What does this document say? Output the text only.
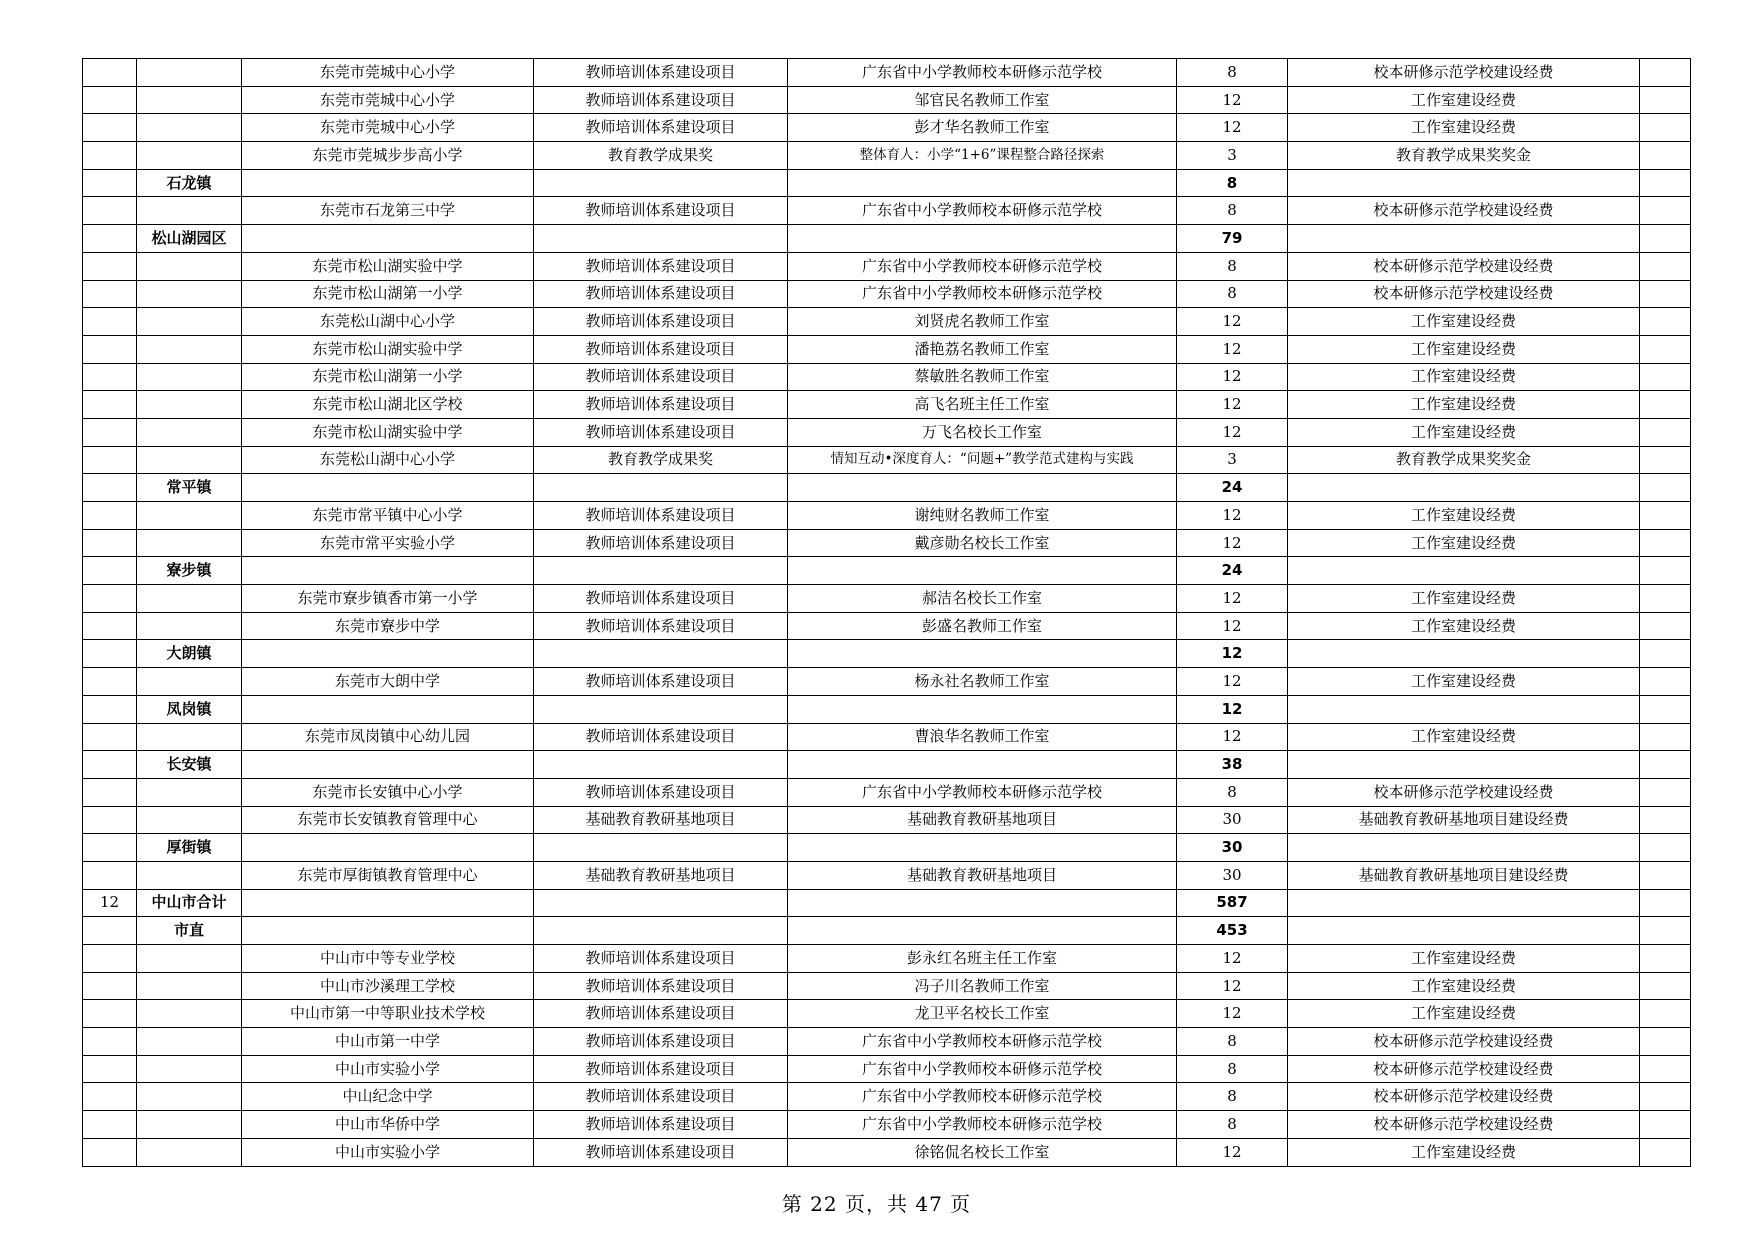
		东莞市莞城中心小学	教师培训体系建设项目	广东省中小学教师校本研修示范学校	8	校本研修示范学校建设经费	
		东莞市莞城中心小学	教师培训体系建设项目	邹官民名教师工作室	12	工作室建设经费	
		东莞市莞城中心小学	教师培训体系建设项目	彭才华名教师工作室	12	工作室建设经费	
		东莞市莞城步步高小学	教育教学成果奖	整体育人：小学“1+6”课程整合路径探索	3	教育教学成果奖奖金	
	石龙镇				8		
		东莞市石龙第三中学	教师培训体系建设项目	广东省中小学教师校本研修示范学校	8	校本研修示范学校建设经费	
	松山湖园区				79		
		东莞市松山湖实验中学	教师培训体系建设项目	广东省中小学教师校本研修示范学校	8	校本研修示范学校建设经费	
		东莞市松山湖第一小学	教师培训体系建设项目	广东省中小学教师校本研修示范学校	8	校本研修示范学校建设经费	
		东莞松山湖中心小学	教师培训体系建设项目	刘贤虎名教师工作室	12	工作室建设经费	
		东莞市松山湖实验中学	教师培训体系建设项目	潘艳荔名教师工作室	12	工作室建设经费	
		东莞市松山湖第一小学	教师培训体系建设项目	蔡敏胜名教师工作室	12	工作室建设经费	
		东莞市松山湖北区学校	教师培训体系建设项目	高飞名班主任工作室	12	工作室建设经费	
		东莞市松山湖实验中学	教师培训体系建设项目	万飞名校长工作室	12	工作室建设经费	
		东莞松山湖中心小学	教育教学成果奖	情知互动•深度育人：“问题+”教学范式建构与实践	3	教育教学成果奖奖金	
	常平镇				24		
		东莞市常平镇中心小学	教师培训体系建设项目	谢纯财名教师工作室	12	工作室建设经费	
		东莞市常平实验小学	教师培训体系建设项目	戴彦勋名校长工作室	12	工作室建设经费	
	寮步镇				24		
		东莞市寮步镇香市第一小学	教师培训体系建设项目	郝洁名校长工作室	12	工作室建设经费	
		东莞市寮步中学	教师培训体系建设项目	彭盛名教师工作室	12	工作室建设经费	
	大朗镇				12		
		东莞市大朗中学	教师培训体系建设项目	杨永社名教师工作室	12	工作室建设经费	
	凤岗镇				12		
		东莞市凤岗镇中心幼儿园	教师培训体系建设项目	曹浪华名教师工作室	12	工作室建设经费	
	长安镇				38		
		东莞市长安镇中心小学	教师培训体系建设项目	广东省中小学教师校本研修示范学校	8	校本研修示范学校建设经费	
		东莞市长安镇教育管理中心	基础教育教研基地项目	基础教育教研基地项目	30	基础教育教研基地项目建设经费	
	厚街镇				30		
		东莞市厚街镇教育管理中心	基础教育教研基地项目	基础教育教研基地项目	30	基础教育教研基地项目建设经费	
12	中山市合计				587		
	市直				453		
		中山市中等专业学校	教师培训体系建设项目	彭永红名班主任工作室	12	工作室建设经费	
		中山市沙溪理工学校	教师培训体系建设项目	冯子川名教师工作室	12	工作室建设经费	
		中山市第一中等职业技术学校	教师培训体系建设项目	龙卫平名校长工作室	12	工作室建设经费	
		中山市第一中学	教师培训体系建设项目	广东省中小学教师校本研修示范学校	8	校本研修示范学校建设经费	
		中山市实验小学	教师培训体系建设项目	广东省中小学教师校本研修示范学校	8	校本研修示范学校建设经费	
		中山纪念中学	教师培训体系建设项目	广东省中小学教师校本研修示范学校	8	校本研修示范学校建设经费	
		中山市华侨中学	教师培训体系建设项目	广东省中小学教师校本研修示范学校	8	校本研修示范学校建设经费	
		中山市实验小学	教师培训体系建设项目	徐铭侃名校长工作室	12	工作室建设经费	
第 22 页，共 47 页
